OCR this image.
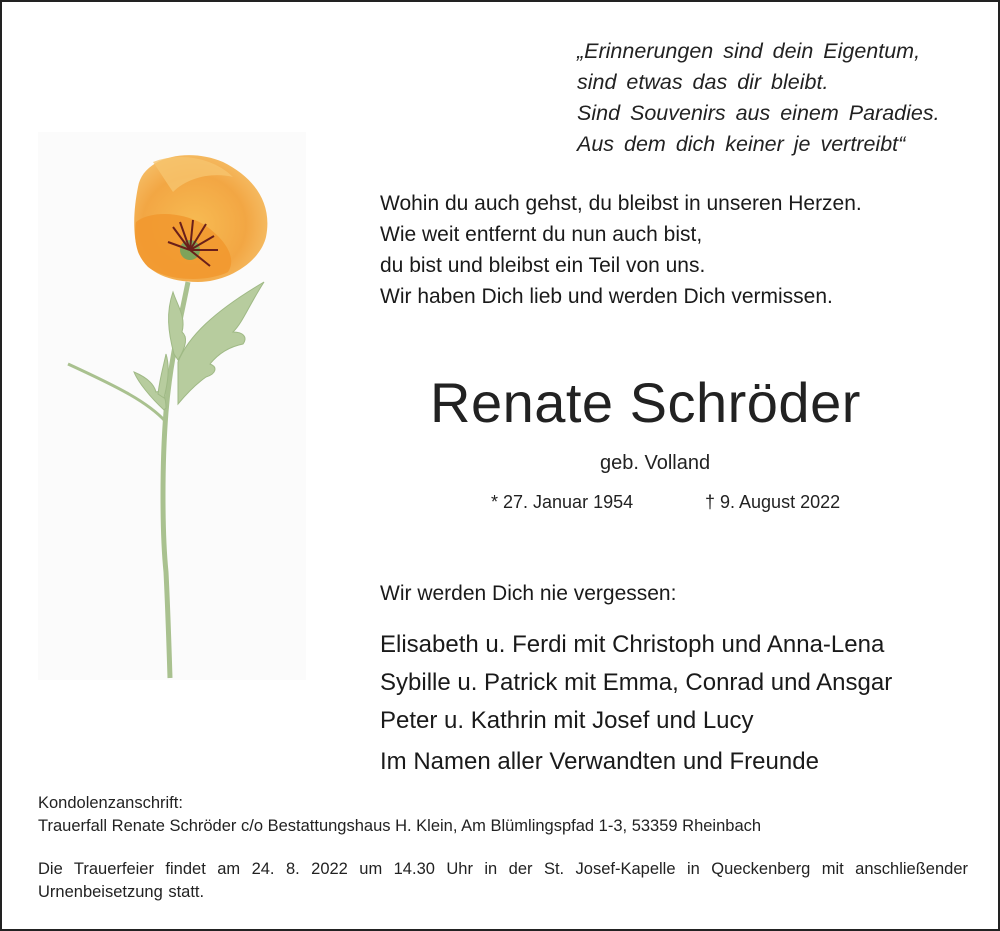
„Erinnerungen sind dein Eigentum,
sind etwas das dir bleibt.
Sind Souvenirs aus einem Paradies.
Aus dem dich keiner je vertreibt“
Wohin du auch gehst, du bleibst in unseren Herzen.
Wie weit entfernt du nun auch bist,
du bist und bleibst ein Teil von uns.
Wir haben Dich lieb und werden Dich vermissen.
Renate Schröder
geb. Volland
* 27. Januar 1954	† 9. August 2022
Wir werden Dich nie vergessen:
Elisabeth u. Ferdi mit Christoph und Anna-Lena
Sybille u. Patrick mit Emma, Conrad und Ansgar
Peter u. Kathrin mit Josef und Lucy
Im Namen aller Verwandten und Freunde
Kondolenzanschrift:
Trauerfall Renate Schröder c/o Bestattungshaus H. Klein, Am Blümlingspfad 1-3, 53359 Rheinbach
Die Trauerfeier findet am 24. 8. 2022 um 14.30 Uhr in der St. Josef-Kapelle in Queckenberg mit anschließender Urnenbeisetzung statt.
